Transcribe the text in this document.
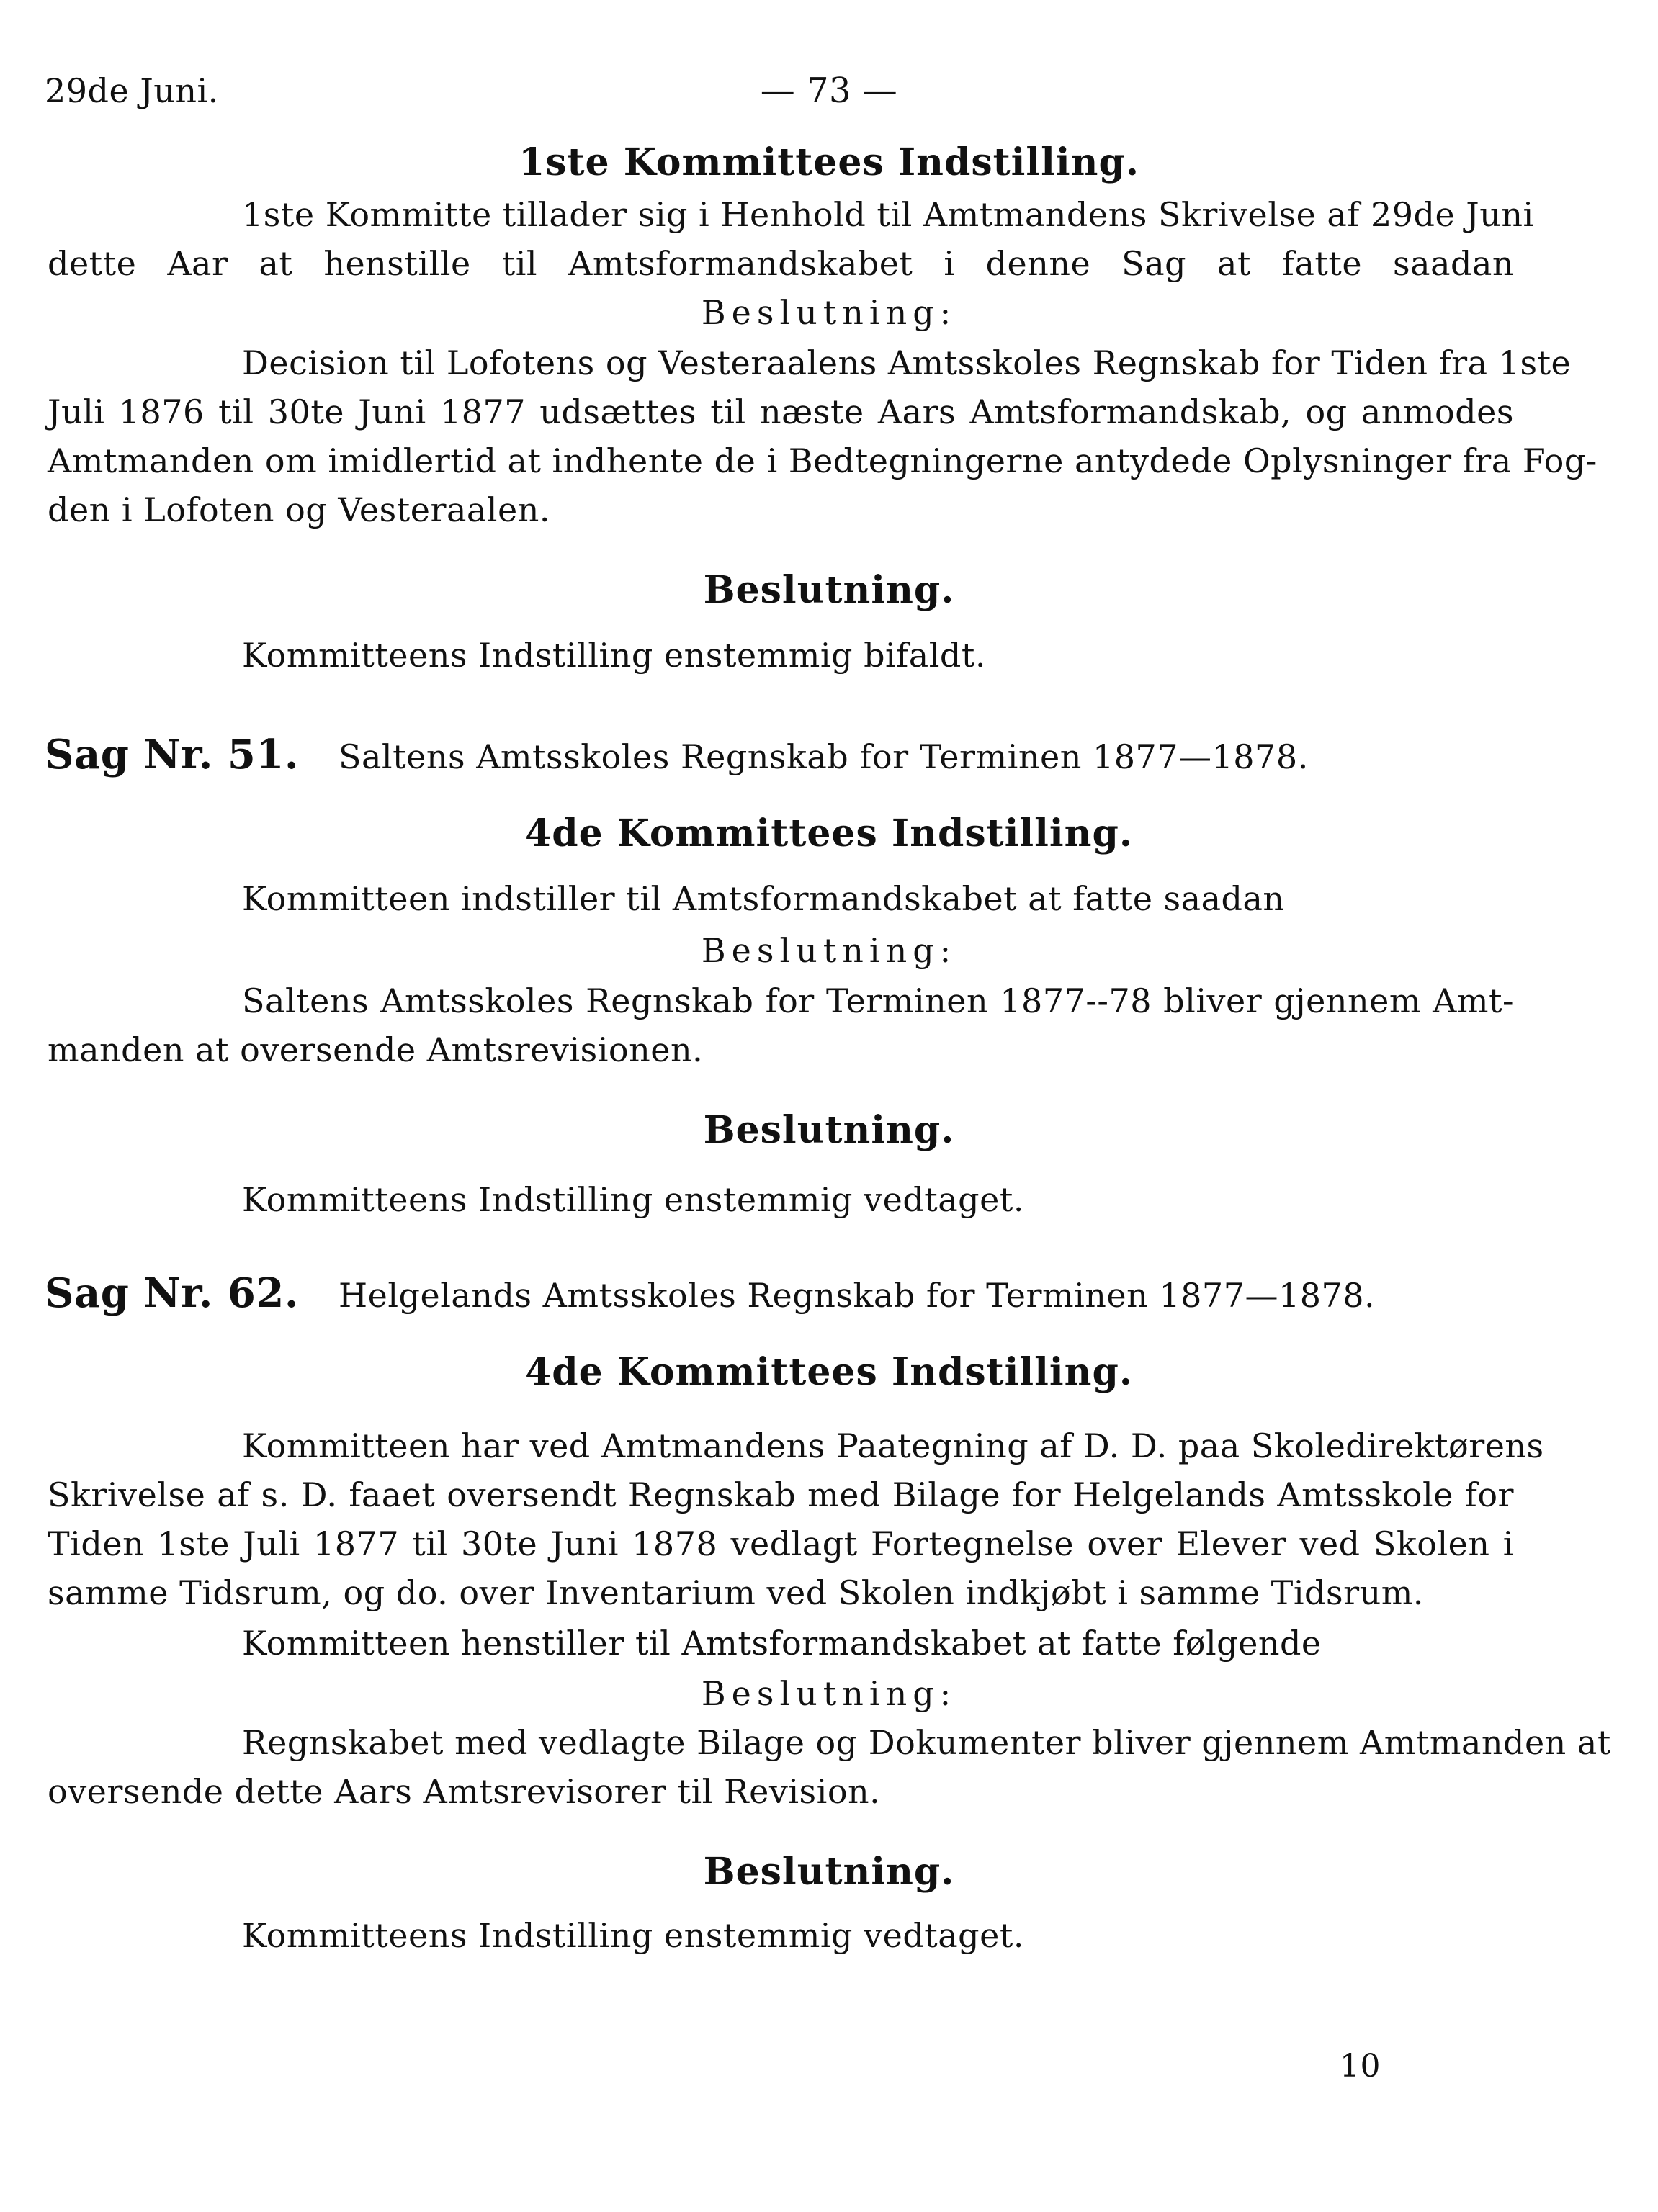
29de Juni.	— 73 —
1ste Kommittees Indstilling.
1ste Kommitte tillader sig i Henhold til Amtmandens Skrivelse af 29de Juni
dette Aar at henstille til Amtsformandskabet i denne Sag at fatte saadan
Beslutning:
Decision til Lofotens og Vesteraalens Amtsskoles Regnskab for Tiden fra 1ste
Juli 1876 til 30te Juni 1877 udsættes til næste Aars Amtsformandskab, og anmodes
Amtmanden om imidlertid at indhente de i Bedtegningerne antydede Oplysninger fra Fog-
den i Lofoten og Vesteraalen.
Beslutning.
Kommitteens Indstilling enstemmig bifaldt.
Sag Nr. 51. Saltens Amtsskoles Regnskab for Terminen 1877—1878.
4de Kommittees Indstilling.
Kommitteen indstiller til Amtsformandskabet at fatte saadan
Beslutning:
Saltens Amtsskoles Regnskab for Terminen 1877--78 bliver gjennem Amt-
manden at oversende Amtsrevisionen.
Beslutning.
Kommitteens Indstilling enstemmig vedtaget.
Sag Nr. 62. Helgelands Amtsskoles Regnskab for Terminen 1877—1878.
4de Kommittees Indstilling.
Kommitteen har ved Amtmandens Paategning af D. D. paa Skoledirektørens
Skrivelse af s. D. faaet oversendt Regnskab med Bilage for Helgelands Amtsskole for
Tiden 1ste Juli 1877 til 30te Juni 1878 vedlagt Fortegnelse over Elever ved Skolen i
samme Tidsrum, og do. over Inventarium ved Skolen indkjøbt i samme Tidsrum.
Kommitteen henstiller til Amtsformandskabet at fatte følgende
Beslutning:
Regnskabet med vedlagte Bilage og Dokumenter bliver gjennem Amtmanden at
oversende dette Aars Amtsrevisorer til Revision.
Beslutning.
Kommitteens Indstilling enstemmig vedtaget.
10
